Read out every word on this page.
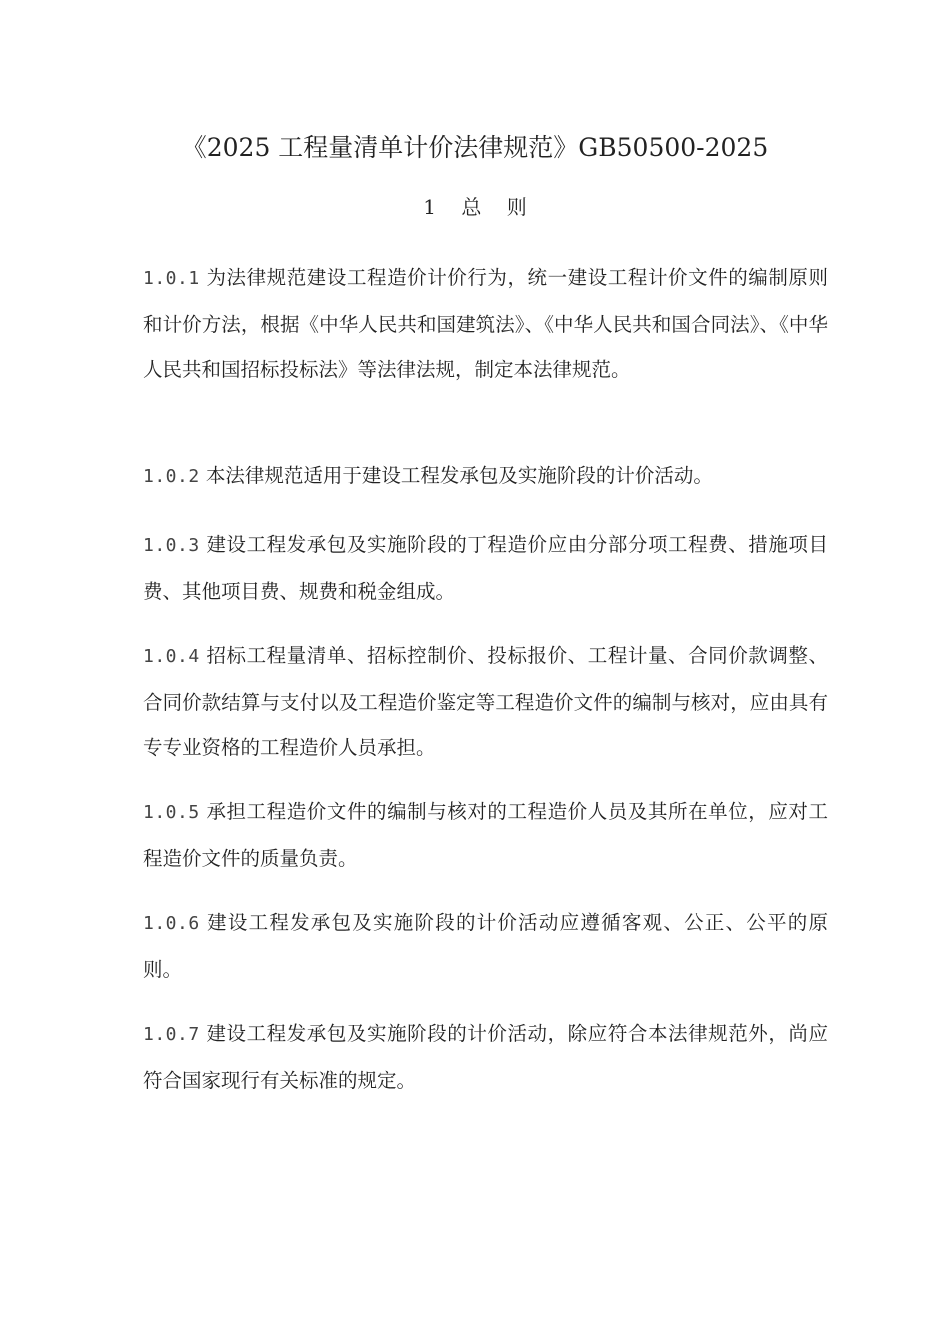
《2025 工程量清单计价法律规范》GB50500-2025
1    总    则

1.0.1 为法律规范建设工程造价计价行为，统一建设工程计价文件的编制原则和计价方法，根据《中华人民共和国建筑法》、《中华人民共和国合同法》、《中华人民共和国招标投标法》等法律法规，制定本法律规范。

1.0.2 本法律规范适用于建设工程发承包及实施阶段的计价活动。

1.0.3 建设工程发承包及实施阶段的丁程造价应由分部分项工程费、措施项目费、其他项目费、规费和税金组成。

1.0.4 招标工程量清单、招标控制价、投标报价、工程计量、合同价款调整、合同价款结算与支付以及工程造价鉴定等工程造价文件的编制与核对，应由具有专专业资格的工程造价人员承担。

1.0.5 承担工程造价文件的编制与核对的工程造价人员及其所在单位，应对工程造价文件的质量负责。

1.0.6 建设工程发承包及实施阶段的计价活动应遵循客观、公正、公平的原则。

1.0.7 建设工程发承包及实施阶段的计价活动，除应符合本法律规范外，尚应符合国家现行有关标准的规定。
